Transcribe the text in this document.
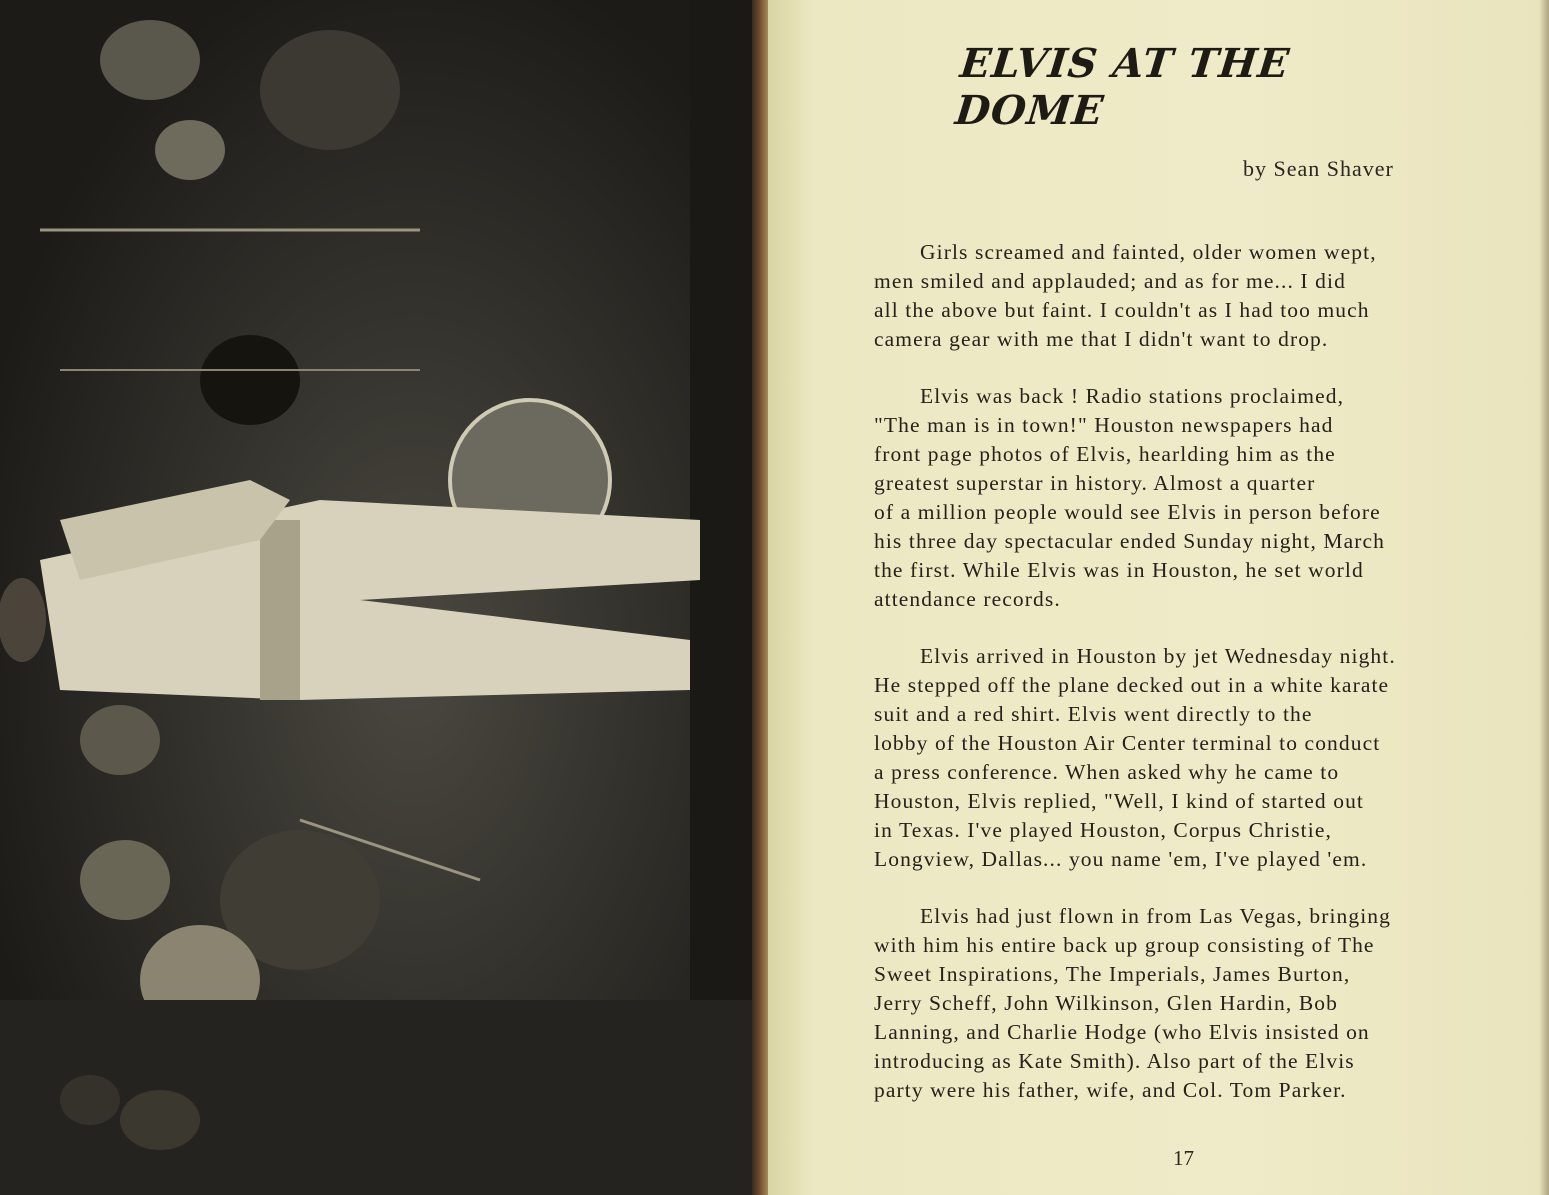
ELVIS AT THE DOME
by Sean Shaver

Girls screamed and fainted, older women wept,
men smiled and applauded; and as for me... I did
all the above but faint. I couldn't as I had too much
camera gear with me that I didn't want to drop.

Elvis was back ! Radio stations proclaimed,
"The man is in town!" Houston newspapers had
front page photos of Elvis, hearlding him as the
greatest superstar in history. Almost a quarter
of a million people would see Elvis in person before
his three day spectacular ended Sunday night, March
the first. While Elvis was in Houston, he set world
attendance records.

Elvis arrived in Houston by jet Wednesday night.
He stepped off the plane decked out in a white karate
suit and a red shirt. Elvis went directly to the
lobby of the Houston Air Center terminal to conduct
a press conference. When asked why he came to
Houston, Elvis replied, "Well, I kind of started out
in Texas. I've played Houston, Corpus Christie,
Longview, Dallas... you name 'em, I've played 'em.

Elvis had just flown in from Las Vegas, bringing
with him his entire back up group consisting of The
Sweet Inspirations, The Imperials, James Burton,
Jerry Scheff, John Wilkinson, Glen Hardin, Bob
Lanning, and Charlie Hodge (who Elvis insisted on
introducing as Kate Smith). Also part of the Elvis
party were his father, wife, and Col. Tom Parker.

17
